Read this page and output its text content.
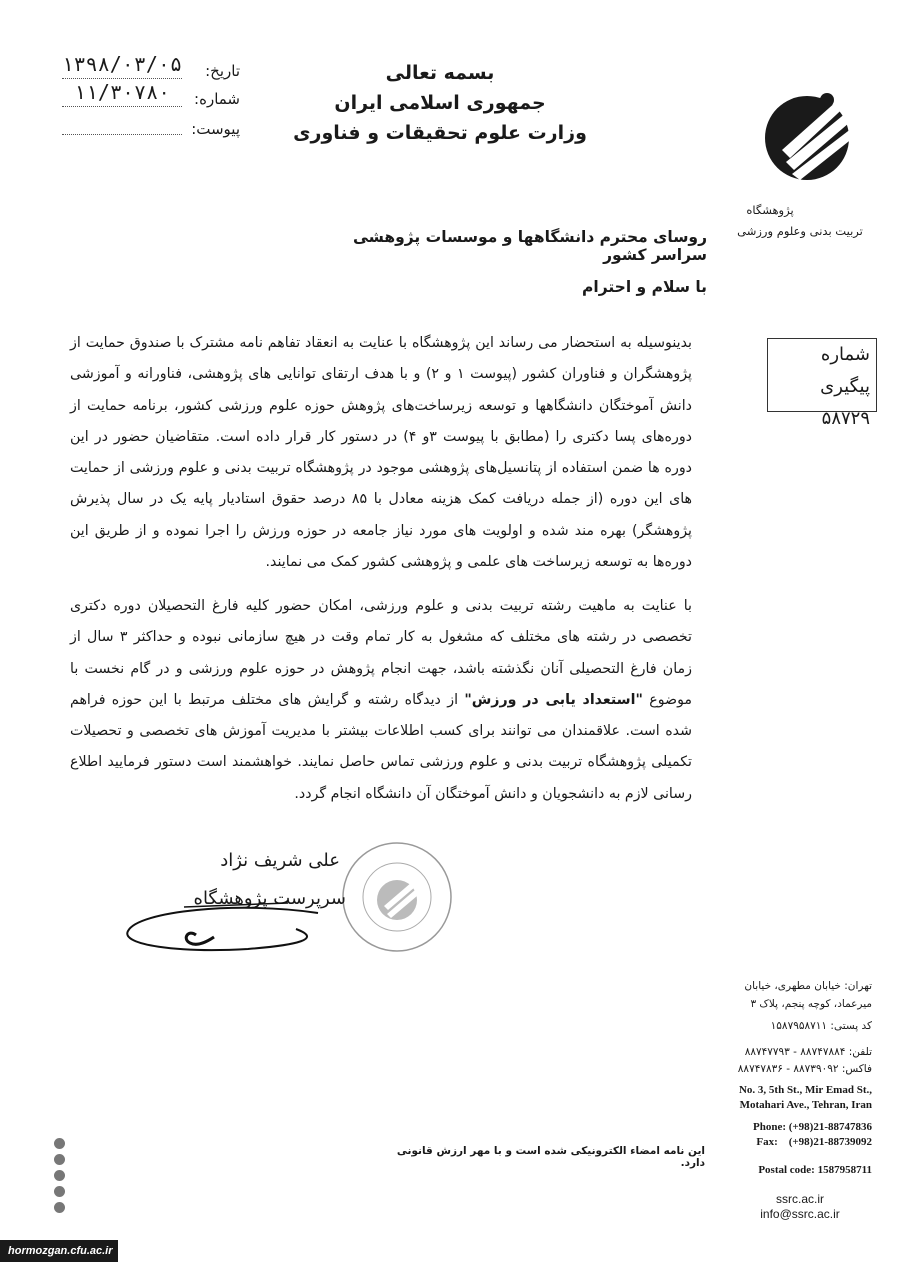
بسمه تعالی
جمهوری اسلامی ایران
وزارت علوم تحقیقات و فناوری
پژوهشگاه
تربیت بدنی وعلوم ورزشی
تاریخ:
۱۳۹۸/۰۳/۰۵
شماره:
۱۱/۳۰۷۸۰
پیوست:
روسای محترم دانشگاهها و موسسات پژوهشی سراسر کشور
با سلام و احترام
شماره پیگیری
۵۸۷۲۹
بدینوسیله به استحضار می رساند این پژوهشگاه با عنایت به انعقاد تفاهم نامه مشترک با صندوق حمایت از پژوهشگران و فناوران کشور (پیوست ۱ و ۲) و با هدف ارتقای توانایی های پژوهشی، فناورانه و آموزشی دانش آموختگان دانشگاهها و توسعه زیرساخت‌های پژوهش حوزه علوم ورزشی کشور، برنامه حمایت از دوره‌های پسا دکتری را (مطابق با پیوست ۳و ۴) در دستور کار قرار داده است. متقاضیان حضور در این دوره ها ضمن استفاده از پتانسیل‌های پژوهشی موجود در پژوهشگاه تربیت بدنی و علوم ورزشی از حمایت های این دوره (از جمله دریافت کمک هزینه معادل با ۸۵ درصد حقوق استادیار پایه یک در سال پذیرش پژوهشگر) بهره مند شده و اولویت های مورد نیاز جامعه در حوزه ورزش را اجرا نموده و از طریق این دوره‌ها به توسعه زیرساخت های علمی و پژوهشی کشور کمک می نمایند.
با عنایت به ماهیت رشته تربیت بدنی و علوم ورزشی، امکان حضور کلیه فارغ التحصیلان دوره دکتری تخصصی در رشته های مختلف که مشغول به کار تمام وقت در هیچ سازمانی نبوده و حداکثر ۳ سال از زمان فارغ التحصیلی آنان نگذشته باشد، جهت انجام پژوهش در حوزه علوم ورزشی و در گام نخست با موضوع "استعداد یابی در ورزش" از دیدگاه رشته و گرایش های مختلف مرتبط با این حوزه فراهم شده است. علاقمندان می توانند برای کسب اطلاعات بیشتر با مدیریت آموزش های تخصصی و تحصیلات تکمیلی پژوهشگاه تربیت بدنی و علوم ورزشی تماس حاصل نمایند. خواهشمند است دستور فرمایید اطلاع رسانی لازم به دانشجویان و دانش آموختگان آن دانشگاه انجام گردد.
علی شریف نژاد
سرپرست پژوهشگاه
این نامه امضاء الکترونیکی شده است و با مهر ارزش قانونی دارد.
تهران: خیابان مطهری، خیابان
میرعماد، کوچه پنجم، پلاک ۳
کد پستی: ۱۵۸۷۹۵۸۷۱۱
تلفن: ۸۸۷۴۷۸۸۴ - ۸۸۷۴۷۷۹۳
فاکس: ۸۸۷۳۹۰۹۲ - ۸۸۷۴۷۸۳۶
No. 3, 5th St., Mir Emad St.,
Motahari Ave., Tehran, Iran
Phone: (+98)21-88747836
Fax:    (+98)21-88739092
Postal code: 1587958711
ssrc.ac.ir
info@ssrc.ac.ir
hormozgan.cfu.ac.ir
